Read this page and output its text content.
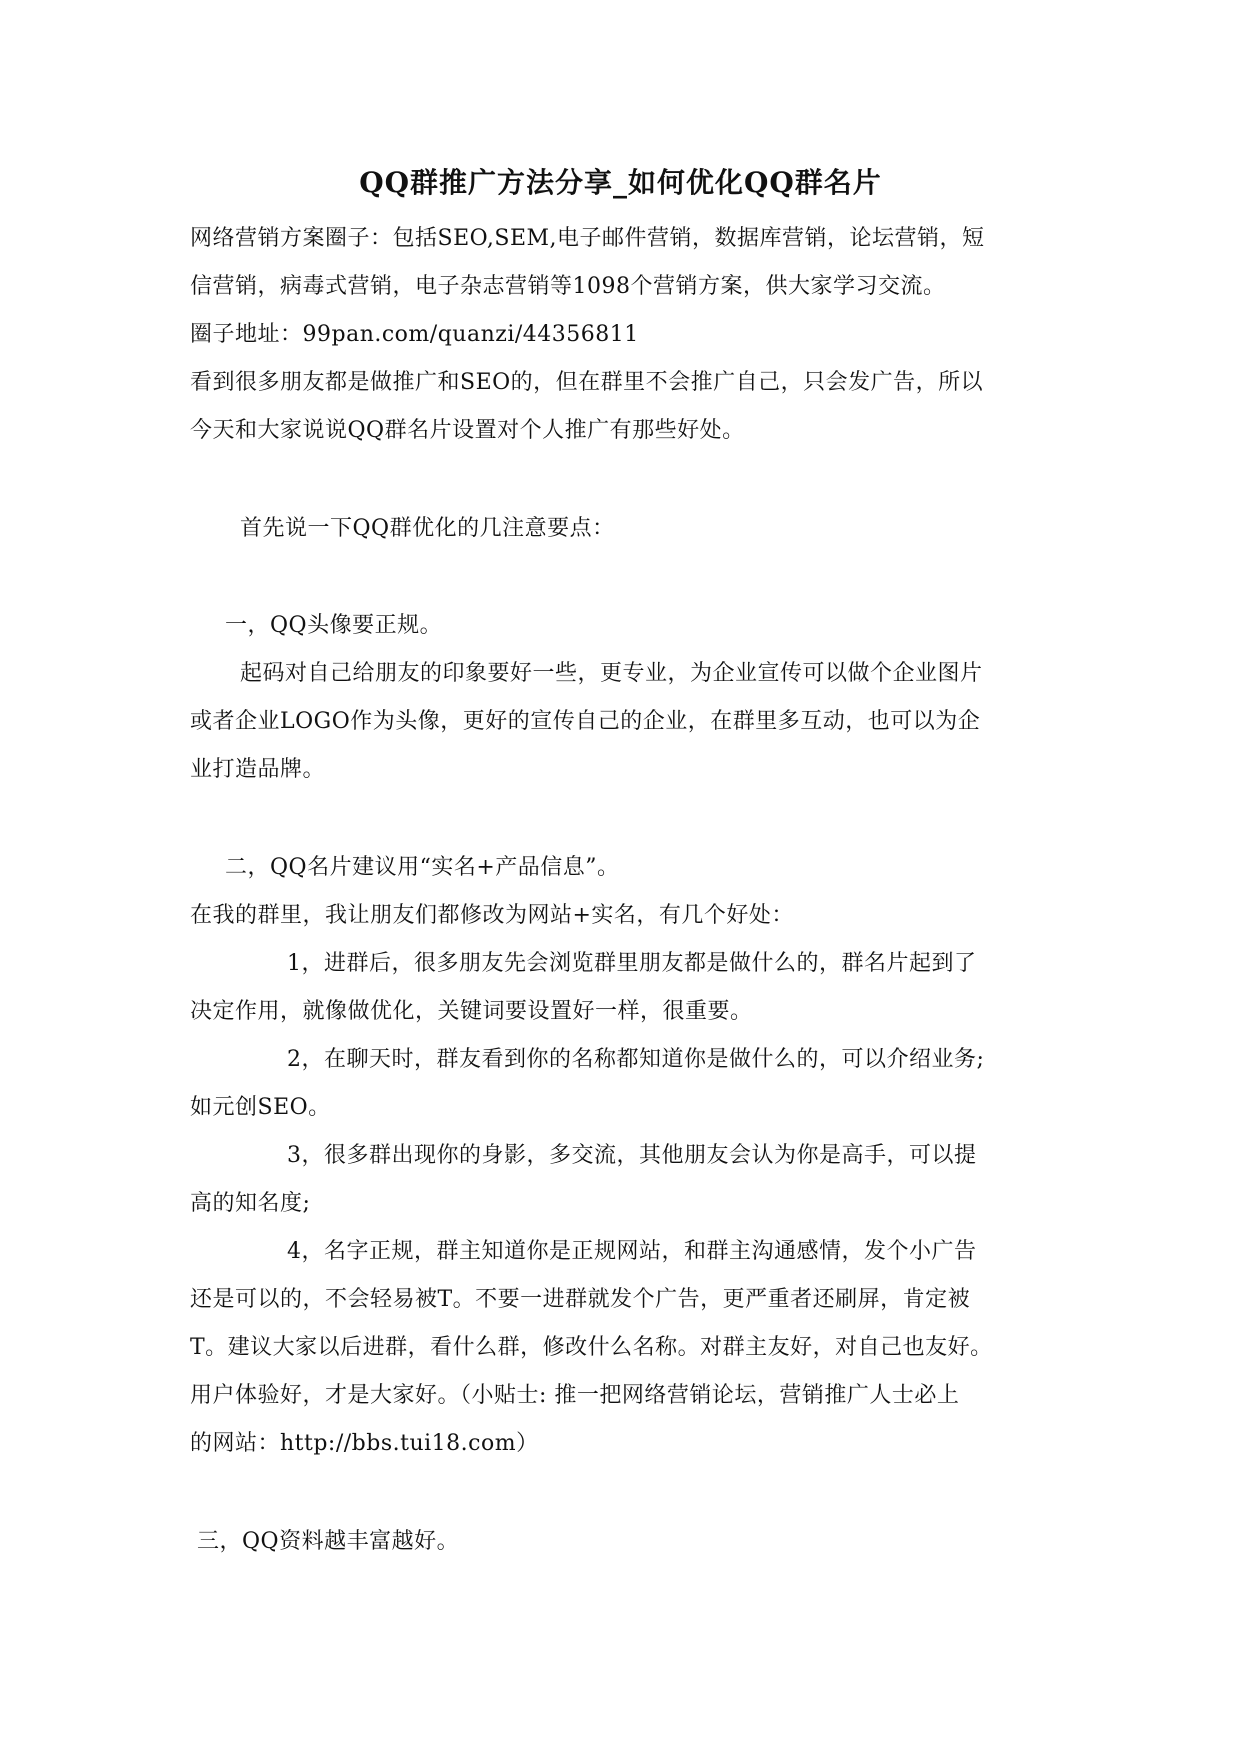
QQ群推广方法分享_如何优化QQ群名片
网络营销方案圈子：包括SEO,SEM,电子邮件营销，数据库营销，论坛营销，短
信营销，病毒式营销，电子杂志营销等1098个营销方案，供大家学习交流。
圈子地址：99pan.com/quanzi/44356811
看到很多朋友都是做推广和SEO的，但在群里不会推广自己，只会发广告，所以
今天和大家说说QQ群名片设置对个人推广有那些好处。
首先说一下QQ群优化的几注意要点：
一，QQ头像要正规。
起码对自己给朋友的印象要好一些，更专业，为企业宣传可以做个企业图片
或者企业LOGO作为头像，更好的宣传自己的企业，在群里多互动，也可以为企
业打造品牌。
二，QQ名片建议用“实名+产品信息”。
在我的群里，我让朋友们都修改为网站+实名，有几个好处：
1，进群后，很多朋友先会浏览群里朋友都是做什么的，群名片起到了
决定作用，就像做优化，关键词要设置好一样，很重要。
2，在聊天时，群友看到你的名称都知道你是做什么的，可以介绍业务;
如元创SEO。
3，很多群出现你的身影，多交流，其他朋友会认为你是高手，可以提
高的知名度;
4，名字正规，群主知道你是正规网站，和群主沟通感情，发个小广告
还是可以的，不会轻易被T。不要一进群就发个广告，更严重者还刷屏，肯定被
T。建议大家以后进群，看什么群，修改什么名称。对群主友好，对自己也友好。
用户体验好，才是大家好。（小贴士: 推一把网络营销论坛，营销推广人士必上
的网站：http://bbs.tui18.com）
三，QQ资料越丰富越好。
